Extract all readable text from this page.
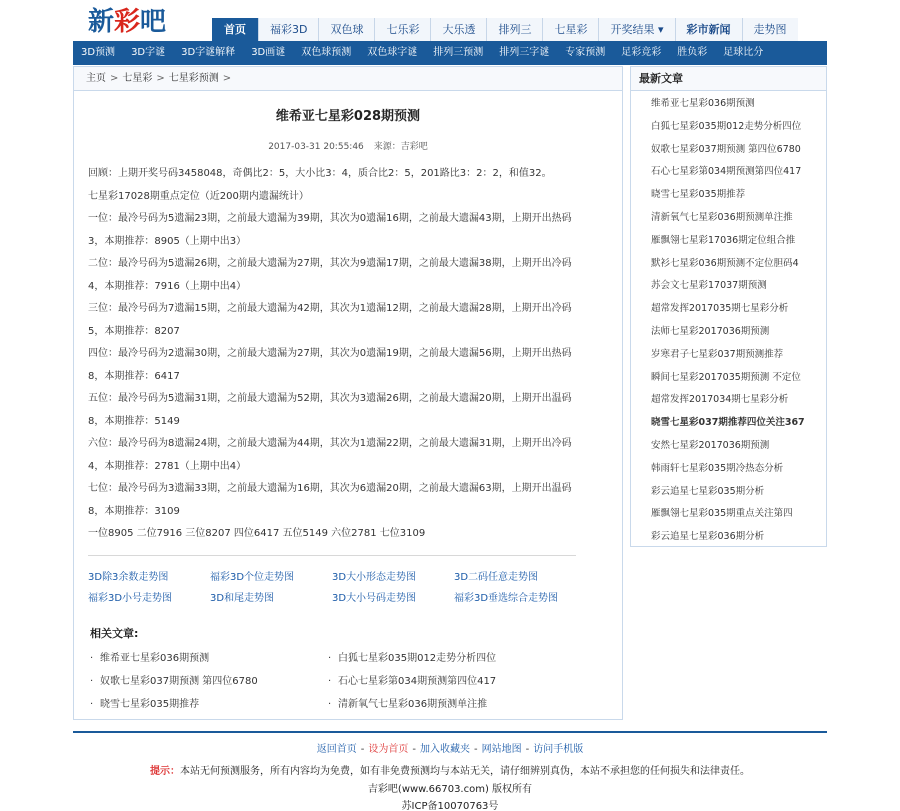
新彩吧	首页	福彩3D	双色球	七乐彩	大乐透	排列三	七星彩	开奖结果 ▾	彩市新闻	走势图
3D预测	3D字谜	3D字谜解释	3D画谜	双色球预测	双色球字谜	排列三预测	排列三字谜	专家预测	足彩竞彩	胜负彩	足球比分
主页 > 七星彩 > 七星彩预测 >
维希亚七星彩028期预测
2017-03-31 20:55:46 来源：吉彩吧

回顾：上期开奖号码3458048，奇偶比2：5，大小比3：4，质合比2：5，201路比3：2：2，和值32。

七星彩17028期重点定位（近200期内遗漏统计）

一位：最冷号码为5遗漏23期，之前最大遗漏为39期，其次为0遗漏16期，之前最大遗漏43期，上期开出热码

3，本期推荐：8905（上期中出3）

二位：最冷号码为5遗漏26期，之前最大遗漏为27期，其次为9遗漏17期，之前最大遗漏38期，上期开出冷码

4，本期推荐：7916（上期中出4）

三位：最冷号码为7遗漏15期，之前最大遗漏为42期，其次为1遗漏12期，之前最大遗漏28期，上期开出冷码

5，本期推荐：8207

四位：最冷号码为2遗漏30期，之前最大遗漏为27期，其次为0遗漏19期，之前最大遗漏56期，上期开出热码

8，本期推荐：6417

五位：最冷号码为5遗漏31期，之前最大遗漏为52期，其次为3遗漏26期，之前最大遗漏20期，上期开出温码

8，本期推荐：5149

六位：最冷号码为8遗漏24期，之前最大遗漏为44期，其次为1遗漏22期，之前最大遗漏31期，上期开出冷码

4，本期推荐：2781（上期中出4）

七位：最冷号码为3遗漏33期，之前最大遗漏为16期，其次为6遗漏20期，之前最大遗漏63期，上期开出温码

8，本期推荐：3109

一位8905 二位7916 三位8207 四位6417 五位5149 六位2781 七位3109

3D除3余数走势图	福彩3D个位走势图	3D大小形态走势图	3D二码任意走势图
福彩3D小号走势图	3D和尾走势图	3D大小号码走势图	福彩3D垂选综合走势图
相关文章:
· 维希亚七星彩036期预测	· 白狐七星彩035期012走势分析四位
· 奴歌七星彩037期预测 第四位6780	· 石心七星彩第034期预测第四位417
· 晓雪七星彩035期推荐	· 清新氧气七星彩036期预测单注推
最新文章
维希亚七星彩036期预测
白狐七星彩035期012走势分析四位
奴歌七星彩037期预测 第四位6780
石心七星彩第034期预测第四位417
晓雪七星彩035期推荐
清新氧气七星彩036期预测单注推
雁飘翎七星彩17036期定位组合推
默衫七星彩036期预测不定位胆码4
苏会文七星彩17037期预测
超常发挥2017035期七星彩分析
法师七星彩2017036期预测
岁寒君子七星彩037期预测推荐
瞬间七星彩2017035期预测 不定位
超常发挥2017034期七星彩分析
晓雪七星彩037期推荐四位关注367
安然七星彩2017036期预测
韩雨轩七星彩035期冷热态分析
彩云追星七星彩035期分析
雁飘翎七星彩035期重点关注第四
彩云追星七星彩036期分析
返回首页 - 设为首页 - 加入收藏夹 - 网站地图 - 访问手机版
提示：本站无何预测服务，所有内容均为免费，如有非免费预测均与本站无关，请仔细辨别真伪，本站不承担您的任何损失和法律责任。
吉彩吧(www.66703.com) 版权所有
苏ICP备10070763号
